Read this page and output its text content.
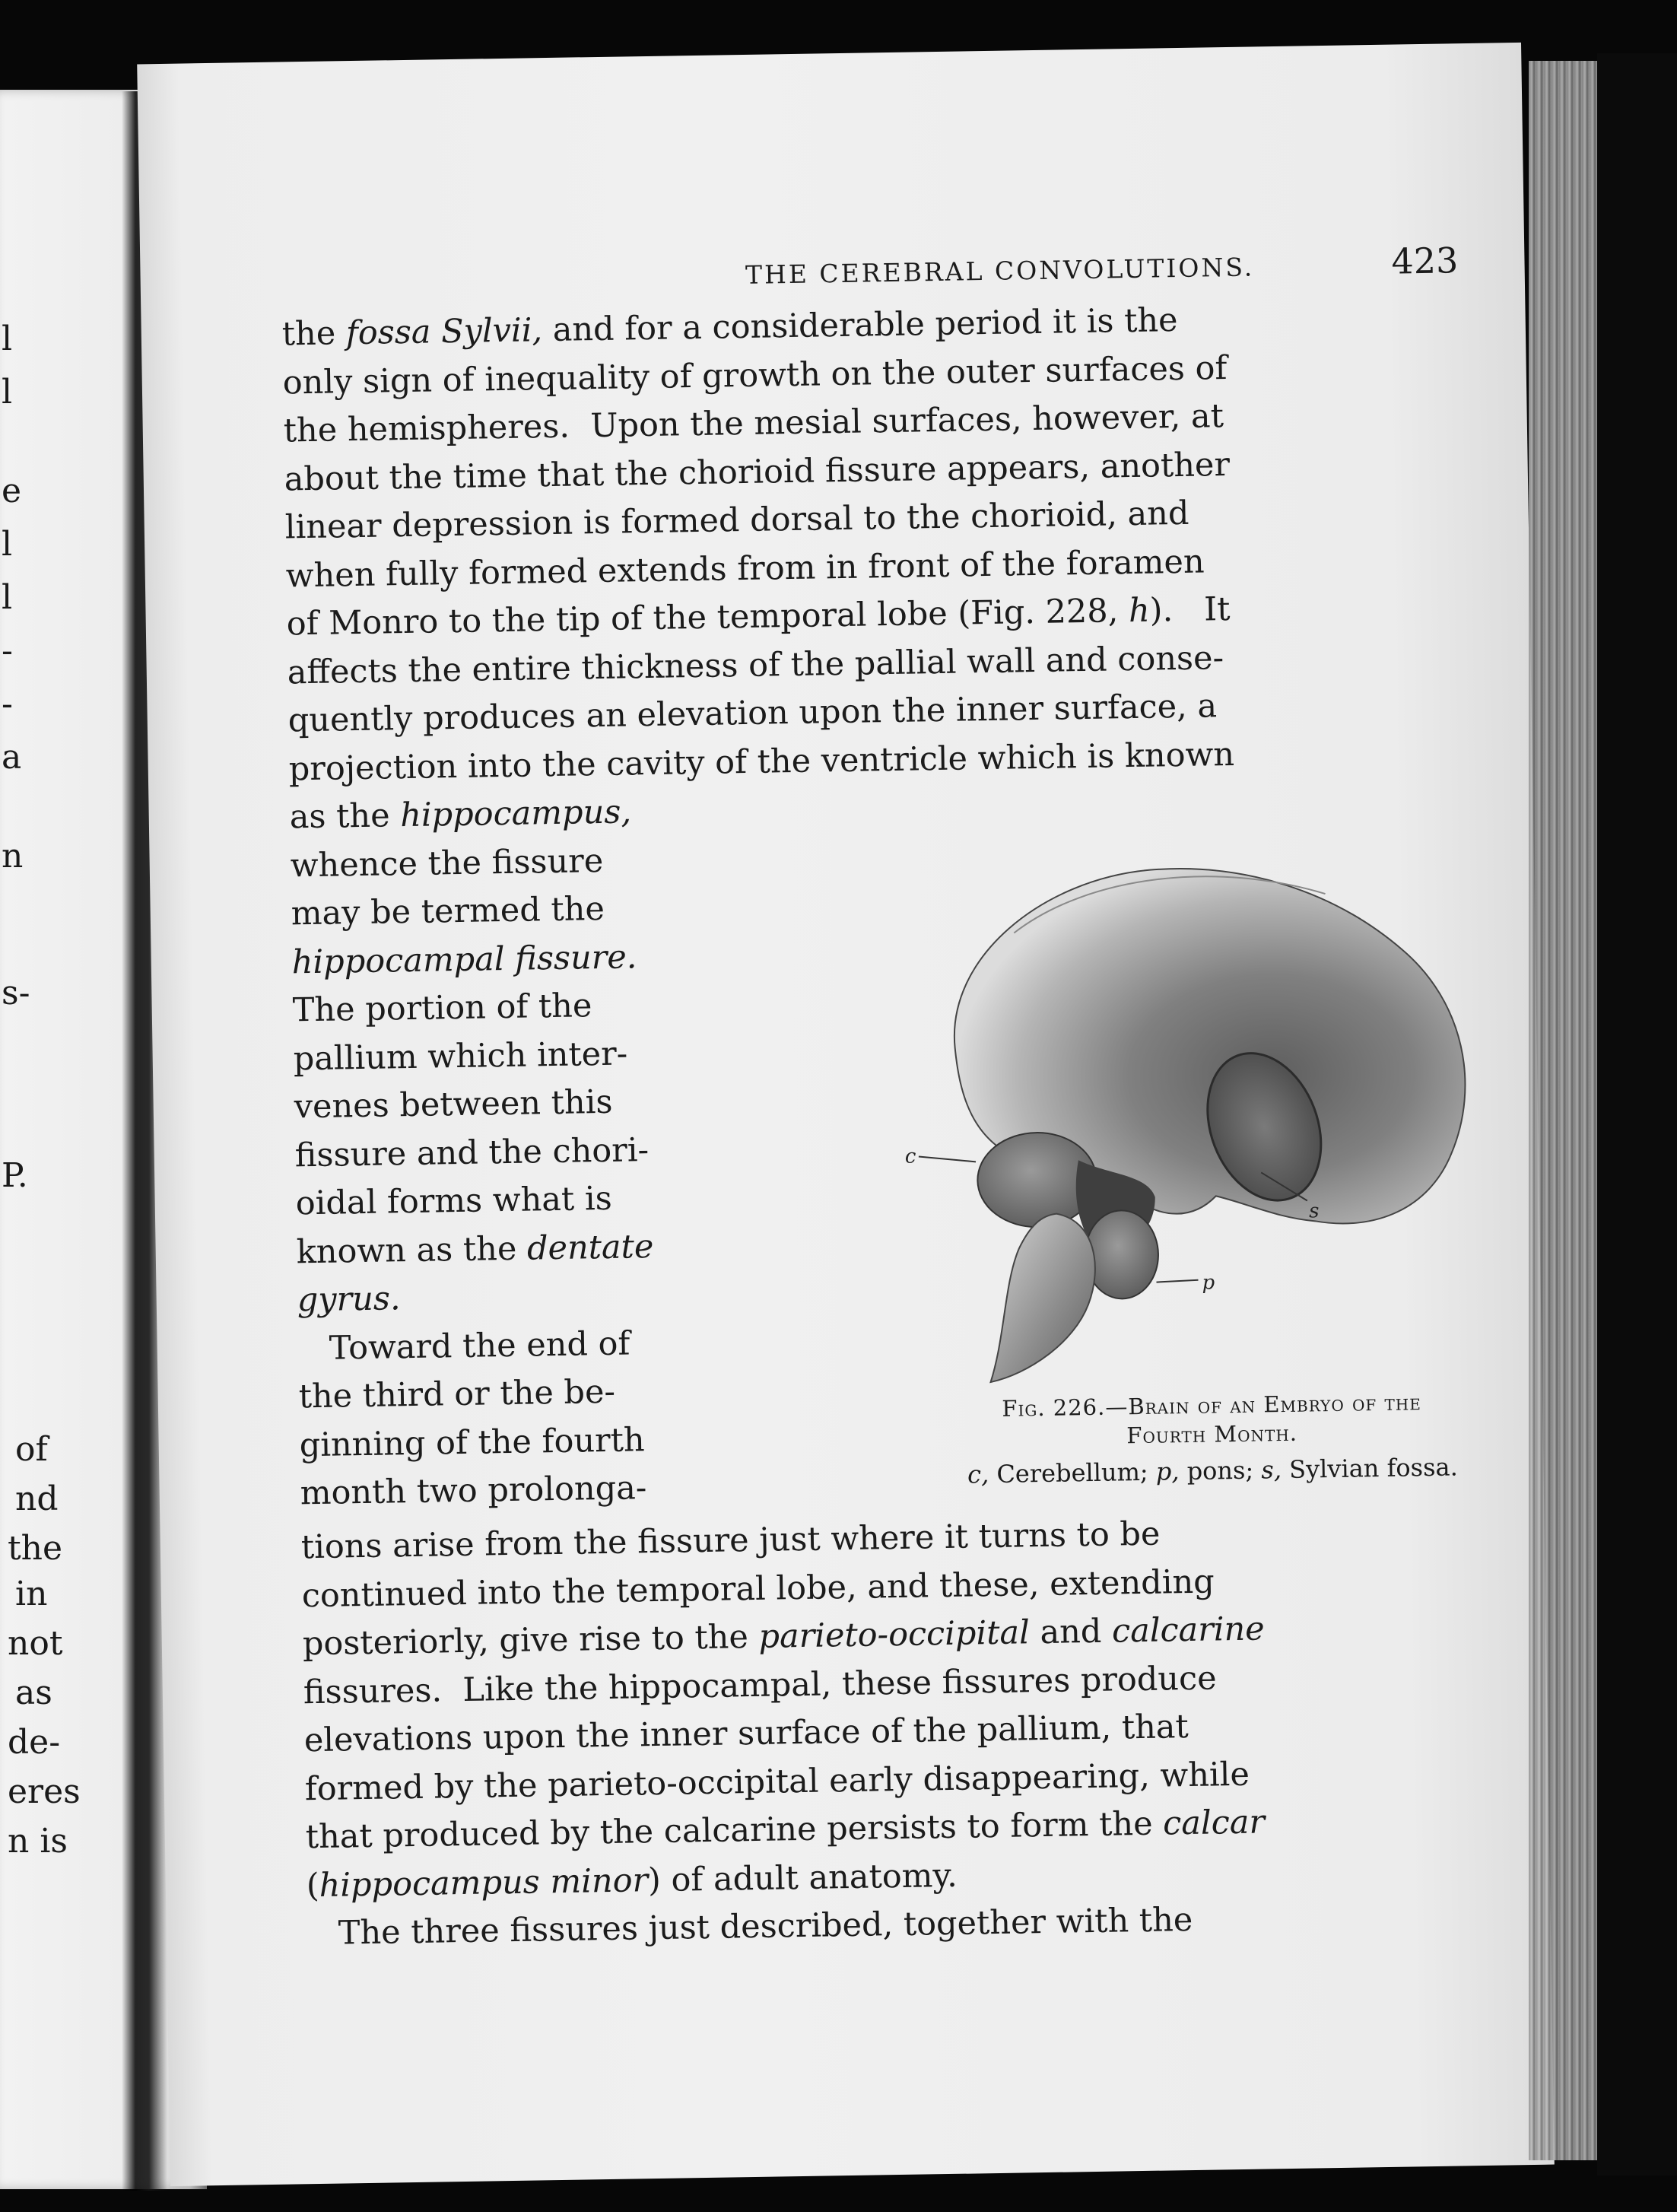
l
l
e
l
l
-
-
a
n
s-
P.
of
nd
the
in
not
as
de-
eres
n is
THE CEREBRAL CONVOLUTIONS.	423
the fossa Sylvii, and for a considerable period it is the
only sign of inequality of growth on the outer surfaces of
the hemispheres.  Upon the mesial surfaces, however, at
about the time that the chorioid fissure appears, another
linear depression is formed dorsal to the chorioid, and
when fully formed extends from in front of the foramen
of Monro to the tip of the temporal lobe (Fig. 228, h).   It
affects the entire thickness of the pallial wall and conse-
quently produces an elevation upon the inner surface, a
projection into the cavity of the ventricle which is known
as the hippocampus,
whence the fissure
may be termed the
hippocampal fissure.
The portion of the
pallium which inter-
venes between this
fissure and the chori-
oidal forms what is
known as the dentate
gyrus.
Toward the end of
the third or the be-
ginning of the fourth
month two prolonga-
tions arise from the fissure just where it turns to be
continued into the temporal lobe, and these, extending
posteriorly, give rise to the parieto-occipital and calcarine
fissures.  Like the hippocampal, these fissures produce
elevations upon the inner surface of the pallium, that
formed by the parieto-occipital early disappearing, while
that produced by the calcarine persists to form the calcar
(hippocampus minor) of adult anatomy.
The three fissures just described, together with the
c
p
s
Fig. 226.—Brain of an Embryo of the
Fourth Month.
c, Cerebellum; p, pons; s, Sylvian fossa.
